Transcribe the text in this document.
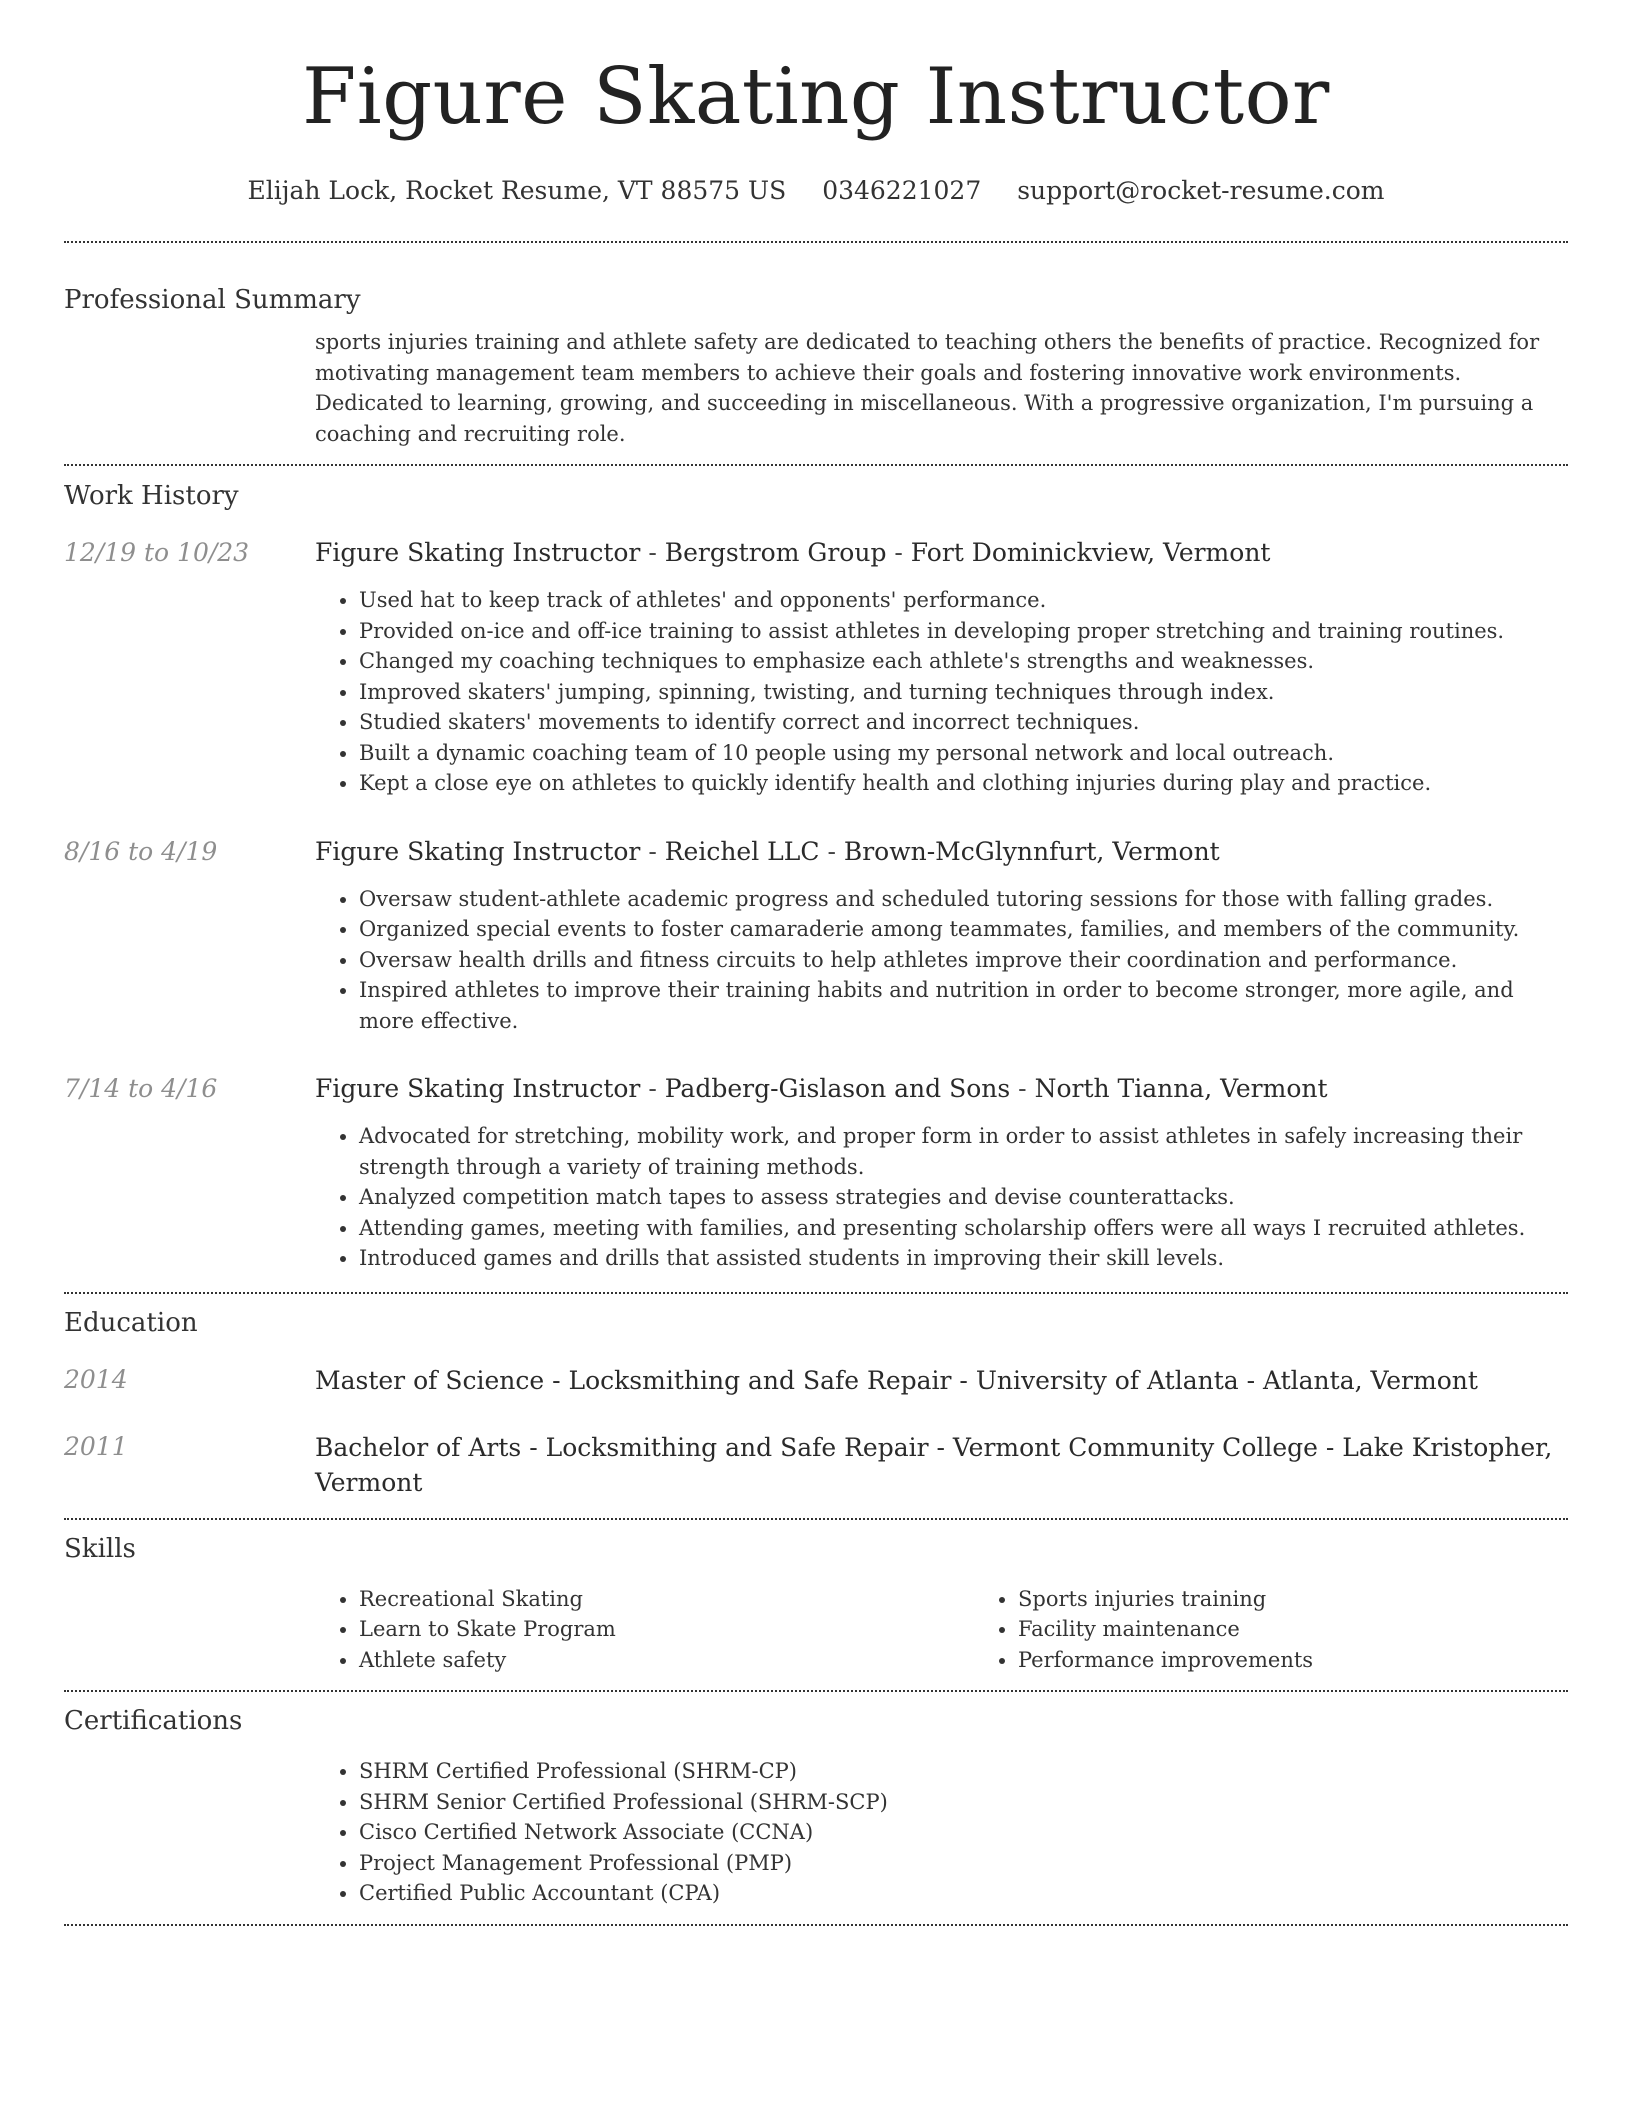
Figure Skating Instructor
Elijah Lock, Rocket Resume, VT 88575 US 0346221027 support@rocket-resume.com
Professional Summary

sports injuries training and athlete safety are dedicated to teaching others the benefits of practice. Recognized for motivating management team members to achieve their goals and fostering innovative work environments. Dedicated to learning, growing, and succeeding in miscellaneous. With a progressive organization, I'm pursuing a coaching and recruiting role.

Work History
12/19 to 10/23	Figure Skating Instructor - Bergstrom Group - Fort Dominickview, Vermont

• Used hat to keep track of athletes' and opponents' performance.
• Provided on-ice and off-ice training to assist athletes in developing proper stretching and training routines.
• Changed my coaching techniques to emphasize each athlete's strengths and weaknesses.
• Improved skaters' jumping, spinning, twisting, and turning techniques through index.
• Studied skaters' movements to identify correct and incorrect techniques.
• Built a dynamic coaching team of 10 people using my personal network and local outreach.
• Kept a close eye on athletes to quickly identify health and clothing injuries during play and practice.
8/16 to 4/19	Figure Skating Instructor - Reichel LLC - Brown-McGlynnfurt, Vermont

• Oversaw student-athlete academic progress and scheduled tutoring sessions for those with falling grades.
• Organized special events to foster camaraderie among teammates, families, and members of the community.
• Oversaw health drills and fitness circuits to help athletes improve their coordination and performance.
• Inspired athletes to improve their training habits and nutrition in order to become stronger, more agile, and more effective.
7/14 to 4/16	Figure Skating Instructor - Padberg-Gislason and Sons - North Tianna, Vermont

• Advocated for stretching, mobility work, and proper form in order to assist athletes in safely increasing their strength through a variety of training methods.
• Analyzed competition match tapes to assess strategies and devise counterattacks.
• Attending games, meeting with families, and presenting scholarship offers were all ways I recruited athletes.
• Introduced games and drills that assisted students in improving their skill levels.
Education
2014	Master of Science - Locksmithing and Safe Repair - University of Atlanta - Atlanta, Vermont

2011	Bachelor of Arts - Locksmithing and Safe Repair - Vermont Community College - Lake Kristopher, Vermont

Skills
• Recreational Skating
• Learn to Skate Program
• Athlete safety
• Sports injuries training
• Facility maintenance
• Performance improvements
Certifications
• SHRM Certified Professional (SHRM-CP)
• SHRM Senior Certified Professional (SHRM-SCP)
• Cisco Certified Network Associate (CCNA)
• Project Management Professional (PMP)
• Certified Public Accountant (CPA)
